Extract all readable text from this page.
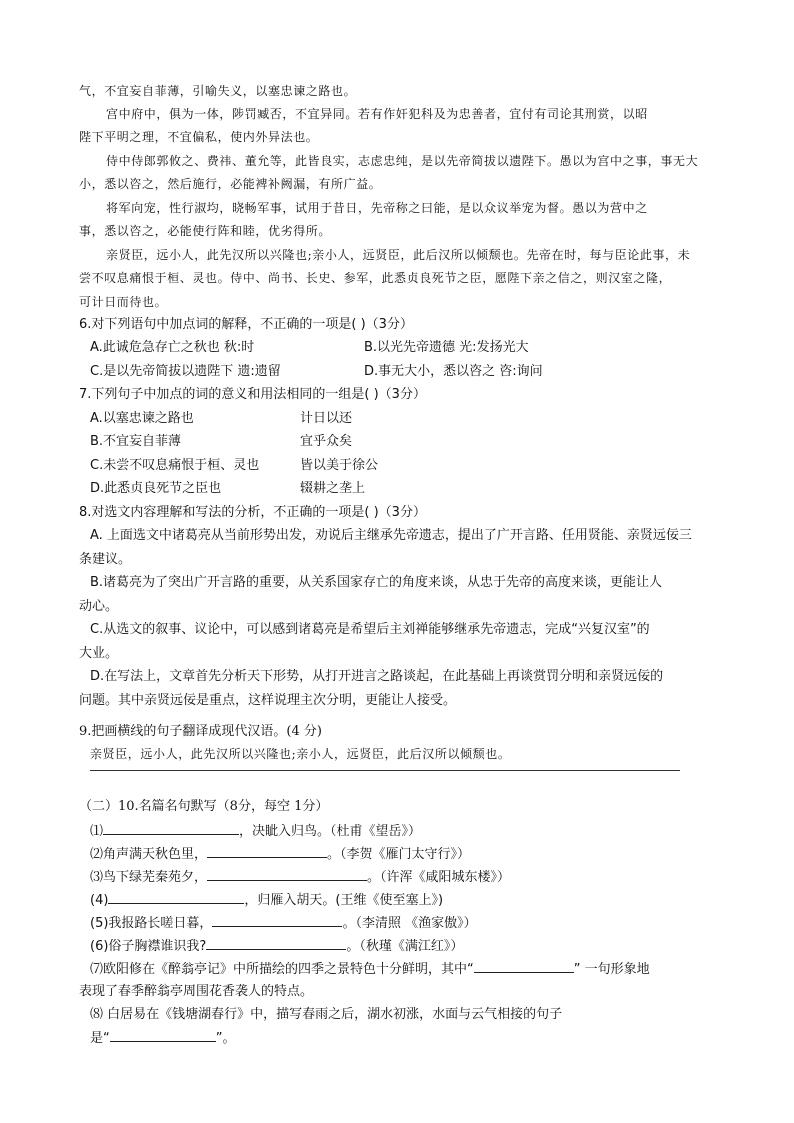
气，不宜妄自菲薄，引喻失义，以塞忠谏之路也。
宫中府中，俱为一体，陟罚臧否，不宜异同。若有作奸犯科及为忠善者，宜付有司论其刑赏，以昭
陛下平明之理，不宜偏私，使内外异法也。
侍中侍郎郭攸之、费祎、董允等，此皆良实，志虑忠纯，是以先帝简拔以遗陛下。愚以为宫中之事，事无大
小，悉以咨之，然后施行，必能裨补阙漏，有所广益。
将军向宠，性行淑均，晓畅军事，试用于昔日，先帝称之曰能，是以众议举宠为督。愚以为营中之
事，悉以咨之，必能使行阵和睦，优劣得所。
亲贤臣，远小人，此先汉所以兴隆也;亲小人，远贤臣，此后汉所以倾颓也。先帝在时，每与臣论此事，未
尝不叹息痛恨于桓、灵也。侍中、尚书、长史、参军，此悉贞良死节之臣，愿陛下亲之信之，则汉室之隆，
可计日而待也。
6.对下列语句中加点词的解释，不正确的一项是( )（3分）
A.此诚危急存亡之秋也 秋:时	B.以光先帝遗德 光:发扬光大
C.是以先帝简拔以遗陛下 遗:遗留	D.事无大小，悉以咨之 咨:询问
7.下列句子中加点的词的意义和用法相同的一组是( )（3分）
A.以塞忠谏之路也	计日以还
B.不宜妄自菲薄	宜乎众矣
C.未尝不叹息痛恨于桓、灵也	皆以美于徐公
D.此悉贞良死节之臣也	辍耕之垄上
8.对选文内容理解和写法的分析，不正确的一项是( )（3分）
A. 上面选文中诸葛亮从当前形势出发，劝说后主继承先帝遗志，提出了广开言路、任用贤能、亲贤远佞三
条建议。
B.诸葛亮为了突出广开言路的重要，从关系国家存亡的角度来谈，从忠于先帝的高度来谈，更能让人
动心。
C.从选文的叙事、议论中，可以感到诸葛亮是希望后主刘禅能够继承先帝遗志，完成“兴复汉室”的
大业。
D.在写法上，文章首先分析天下形势，从打开进言之路谈起，在此基础上再谈赏罚分明和亲贤远佞的
问题。其中亲贤远佞是重点，这样说理主次分明，更能让人接受。
9.把画横线的句子翻译成现代汉语。(4 分)
亲贤臣，远小人，此先汉所以兴隆也;亲小人，远贤臣，此后汉所以倾颓也。
（二）10.名篇名句默写（8分，每空 1分）
⑴	，决眦入归鸟。（杜甫《望岳》）
⑵角声满天秋色里，	。（李贺《雁门太守行》）
⑶鸟下绿芜秦苑夕，	。（许浑《咸阳城东楼》）
(4)	，归雁入胡天。(王维《使至塞上》)
(5)我报路长嗟日暮，	。（李清照 《渔家傲》）
(6)俗子胸襟谁识我?	。（秋瑾《满江红》）
⑺欧阳修在《醉翁亭记》中所描绘的四季之景特色十分鲜明，其中“	” 一句形象地
表现了春季醉翁亭周围花香袭人的特点。
⑻ 白居易在《钱塘湖春行》中，描写春雨之后，湖水初涨，水面与云气相接的句子
是“	”。
